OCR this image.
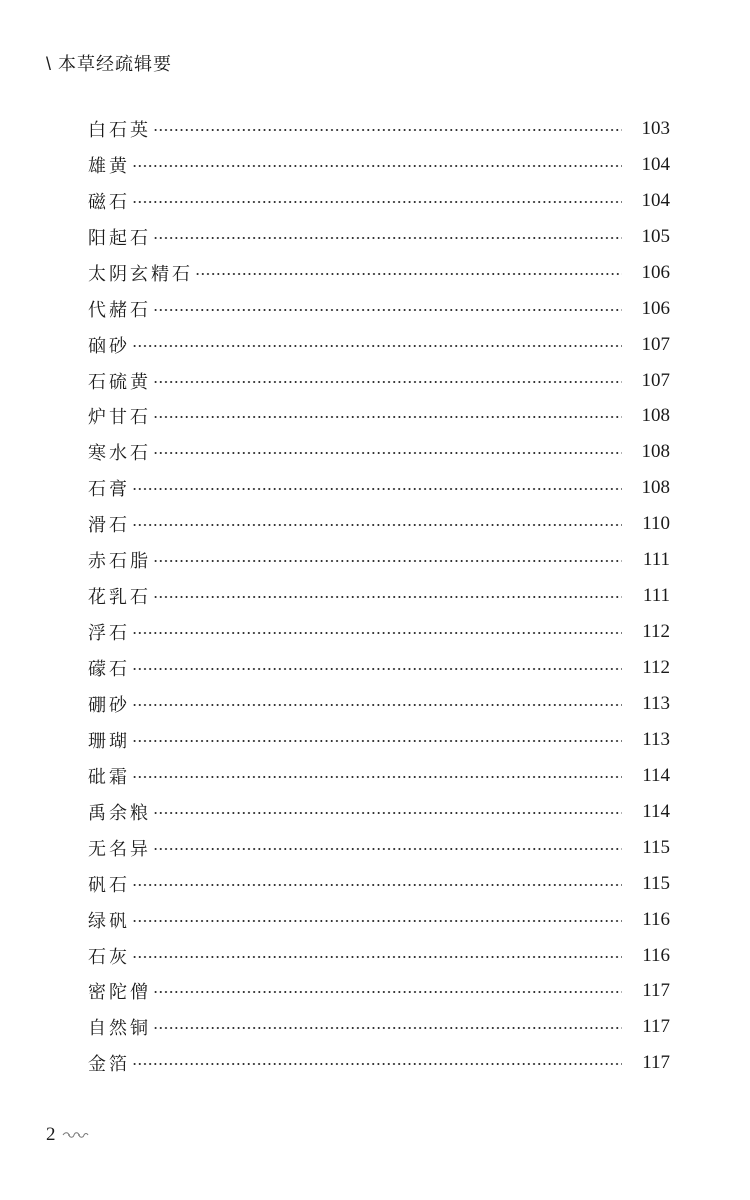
\ 本草经疏辑要
白石英	103
雄黄	104
磁石	104
阳起石	105
太阴玄精石	106
代赭石	106
硇砂	107
石硫黄	107
炉甘石	108
寒水石	108
石膏	108
滑石	110
赤石脂	111
花乳石	111
浮石	112
礞石	112
硼砂	113
珊瑚	113
砒霜	114
禹余粮	114
无名异	115
矾石	115
绿矾	116
石灰	116
密陀僧	117
自然铜	117
金箔	117
2
